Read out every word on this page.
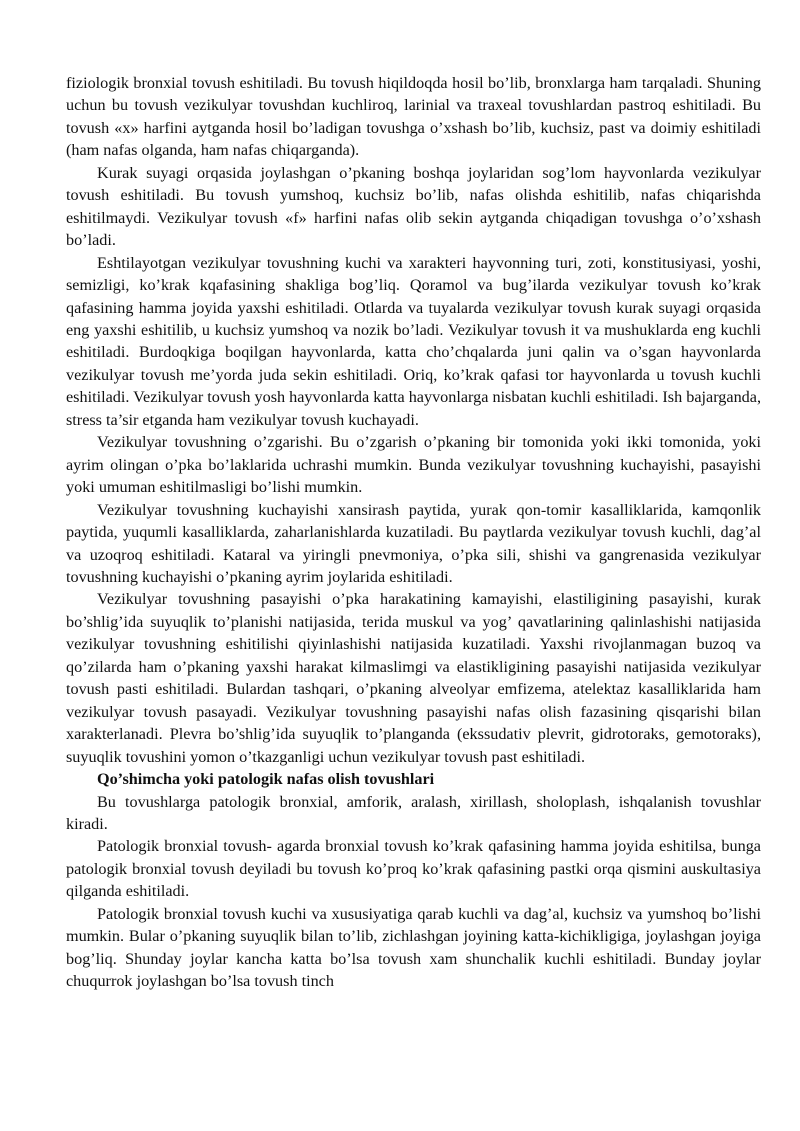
fiziologik bronxial tovush eshitiladi. Bu tovush hiqildoqda hosil bo’lib, bronxlarga ham tarqaladi. Shuning uchun bu tovush vezikulyar tovushdan kuchliroq, larinial va traxeal tovushlardan pastroq eshitiladi. Bu tovush «x» harfini aytganda hosil bo’ladigan tovushga o’xshash bo’lib, kuchsiz, past va doimiy eshitiladi (ham nafas olganda, ham nafas chiqarganda).

Kurak suyagi orqasida joylashgan o’pkaning boshqa joylaridan sog’lom hayvonlarda vezikulyar tovush eshitiladi. Bu tovush yumshoq, kuchsiz bo’lib, nafas olishda eshitilib, nafas chiqarishda eshitilmaydi. Vezikulyar tovush «f» harfini nafas olib sekin aytganda chiqadigan tovushga o’o’xshash bo’ladi.

Eshtilayotgan vezikulyar tovushning kuchi va xarakteri hayvonning turi, zoti, konstitusiyasi, yoshi, semizligi, ko’krak kqafasining shakliga bog’liq. Qoramol va bug’ilarda vezikulyar tovush ko’krak qafasining hamma joyida yaxshi eshitiladi. Otlarda va tuyalarda vezikulyar tovush kurak suyagi orqasida eng yaxshi eshitilib, u kuchsiz yumshoq va nozik bo’ladi. Vezikulyar tovush it va mushuklarda eng kuchli eshitiladi. Burdoqkiga boqilgan hayvonlarda, katta cho’chqalarda juni qalin va o’sgan hayvonlarda vezikulyar tovush me’yorda juda sekin eshitiladi. Oriq, ko’krak qafasi tor hayvonlarda u tovush kuchli eshitiladi. Vezikulyar tovush yosh hayvonlarda katta hayvonlarga nisbatan kuchli eshitiladi. Ish bajarganda, stress ta’sir etganda ham vezikulyar tovush kuchayadi.

Vezikulyar tovushning o’zgarishi. Bu o’zgarish o’pkaning bir tomonida yoki ikki tomonida, yoki ayrim olingan o’pka bo’laklarida uchrashi mumkin. Bunda vezikulyar tovushning kuchayishi, pasayishi yoki umuman eshitilmasligi bo’lishi mumkin.

Vezikulyar tovushning kuchayishi xansirash paytida, yurak qon-tomir kasalliklarida, kamqonlik paytida, yuqumli kasalliklarda, zaharlanishlarda kuzatiladi. Bu paytlarda vezikulyar tovush kuchli, dag’al va uzoqroq eshitiladi. Kataral va yiringli pnevmoniya, o’pka sili, shishi va gangrenasida vezikulyar tovushning kuchayishi o’pkaning ayrim joylarida eshitiladi.

Vezikulyar tovushning pasayishi o’pka harakatining kamayishi, elastiligining pasayishi, kurak bo’shlig’ida suyuqlik to’planishi natijasida, terida muskul va yog’ qavatlarining qalinlashishi natijasida vezikulyar tovushning eshitilishi qiyinlashishi natijasida kuzatiladi. Yaxshi rivojlanmagan buzoq va qo’zilarda ham o’pkaning yaxshi harakat kilmaslimgi va elastikligining pasayishi natijasida vezikulyar tovush pasti eshitiladi. Bulardan tashqari, o’pkaning alveolyar emfizema, atelektaz kasalliklarida ham vezikulyar tovush pasayadi. Vezikulyar tovushning pasayishi nafas olish fazasining qisqarishi bilan xarakterlanadi. Plevra bo’shlig’ida suyuqlik to’planganda (ekssudativ plevrit, gidrotoraks, gemotoraks), suyuqlik tovushini yomon o’tkazganligi uchun vezikulyar tovush past eshitiladi.

Qo’shimcha yoki patologik nafas olish tovushlari

Bu tovushlarga patologik bronxial, amforik, aralash, xirillash, sholoplash, ishqalanish tovushlar kiradi.

Patologik bronxial tovush- agarda bronxial tovush ko’krak qafasining hamma joyida eshitilsa, bunga patologik bronxial tovush deyiladi bu tovush ko’proq ko’krak qafasining pastki orqa qismini auskultasiya qilganda eshitiladi.

Patologik bronxial tovush kuchi va xususiyatiga qarab kuchli va dag’al, kuchsiz va yumshoq bo’lishi mumkin. Bular o’pkaning suyuqlik bilan to’lib, zichlashgan joyining katta-kichikligiga, joylashgan joyiga bog’liq. Shunday joylar kancha katta bo’lsa tovush xam shunchalik kuchli eshitiladi. Bunday joylar chuqurrok joylashgan bo’lsa tovush tinch
